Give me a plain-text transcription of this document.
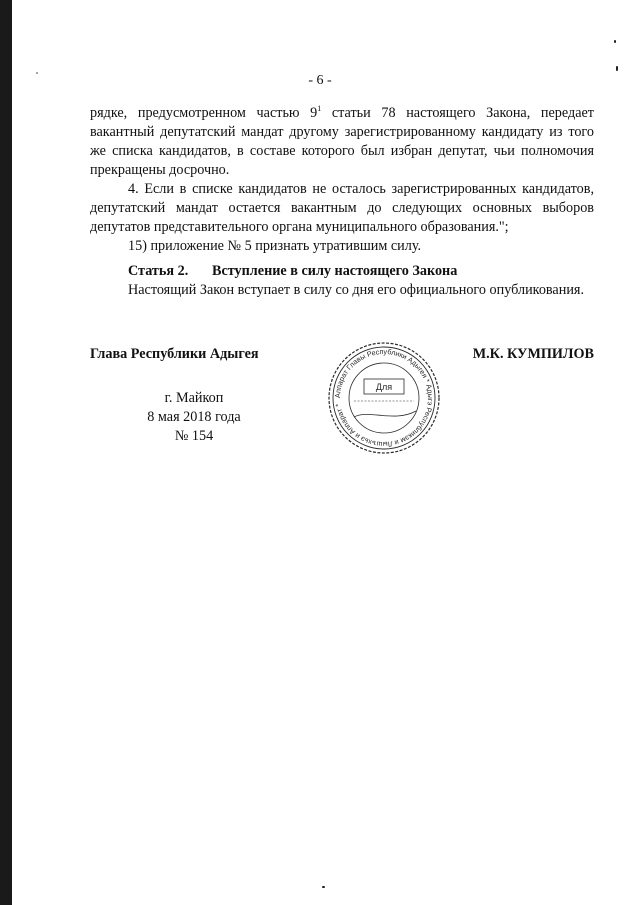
- 6 -

рядке, предусмотренном частью $9^1$ статьи 78 настоящего Закона, передает вакантный депутатский мандат другому зарегистрированному кандидату из того же списка кандидатов, в составе которого был избран депутат, чьи полномочия прекращены досрочно.

4. Если в списке кандидатов не осталось зарегистрированных кандидатов, депутатский мандат остается вакантным до следующих основных выборов депутатов представительного органа муниципального образования.";

15) приложение № 5 признать утратившим силу.

Статья 2. Вступление в силу настоящего Закона

Настоящий Закон вступает в силу со дня его официального опубликования.

Глава Республики Адыгея	М.К. КУМПИЛОВ
Аппарат Главы Республики Адыгея * Адыгэ Республикэм и Лышъхьэ и Аппарат *
Для
г. Майкоп
8 мая 2018 года
№ 154
